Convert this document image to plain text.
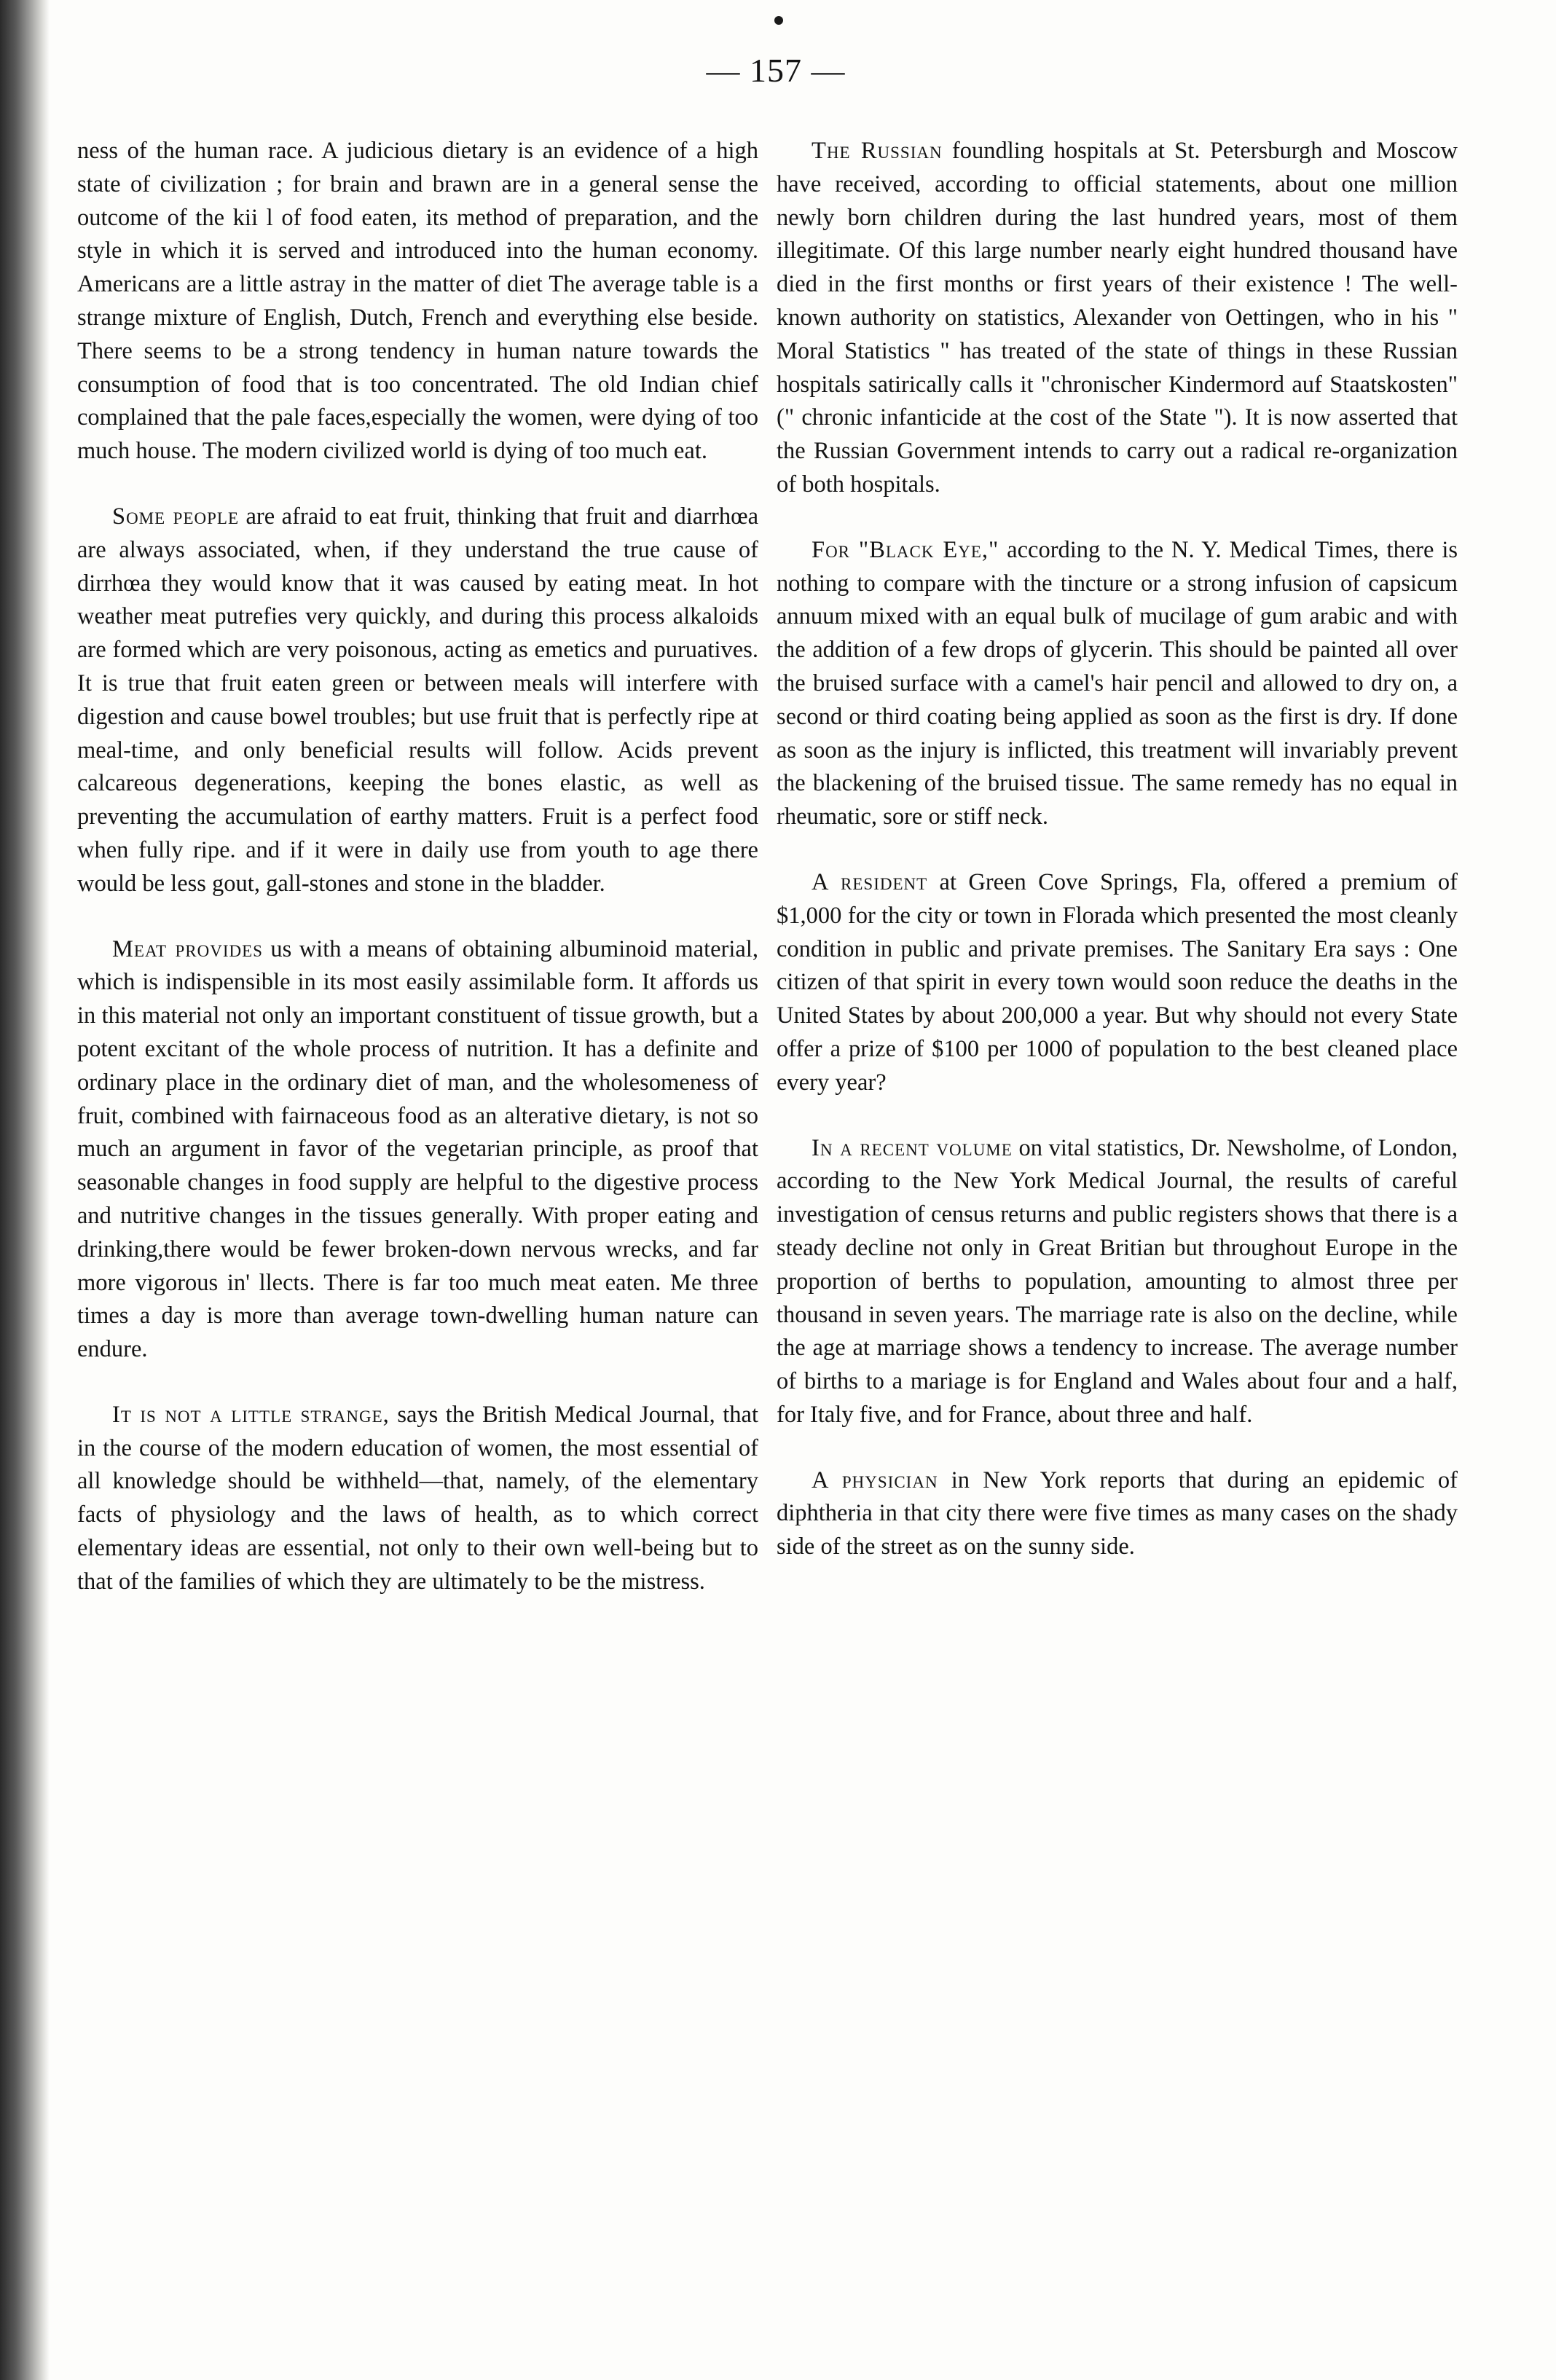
— 157 —

ness of the human race. A judicious dietary is an evidence of a high state of civilization ; for brain and brawn are in a general sense the outcome of the kii l of food eaten, its method of preparation, and the style in which it is served and introduced into the human economy. Americans are a little astray in the matter of diet The average table is a strange mixture of English, Dutch, French and everything else beside. There seems to be a strong tendency in human nature towards the consumption of food that is too concentrated. The old Indian chief complained that the pale faces,especially the women, were dying of too much house. The modern civilized world is dying of too much eat.

Some people are afraid to eat fruit, thinking that fruit and diarrhœa are always associated, when, if they understand the true cause of dirrhœa they would know that it was caused by eating meat. In hot weather meat putrefies very quickly, and during this process alkaloids are formed which are very poisonous, acting as emetics and puruatives. It is true that fruit eaten green or between meals will interfere with digestion and cause bowel troubles; but use fruit that is perfectly ripe at meal-time, and only beneficial results will follow. Acids prevent calcareous degenerations, keeping the bones elastic, as well as preventing the accumulation of earthy matters. Fruit is a perfect food when fully ripe. and if it were in daily use from youth to age there would be less gout, gall-stones and stone in the bladder.

Meat provides us with a means of obtaining albuminoid material, which is indispensible in its most easily assimilable form. It affords us in this material not only an important constituent of tissue growth, but a potent excitant of the whole process of nutrition. It has a definite and ordinary place in the ordinary diet of man, and the wholesomeness of fruit, combined with fairnaceous food as an alterative dietary, is not so much an argument in favor of the vegetarian principle, as proof that seasonable changes in food supply are helpful to the digestive process and nutritive changes in the tissues generally. With proper eating and drinking,there would be fewer broken-down nervous wrecks, and far more vigorous in' llects. There is far too much meat eaten. Me three times a day is more than average town-dwelling human nature can endure.

It is not a little strange, says the British Medical Journal, that in the course of the modern education of women, the most essential of all knowledge should be withheld—that, namely, of the elementary facts of physiology and the laws of health, as to which correct elementary ideas are essential, not only to their own well-being but to that of the families of which they are ultimately to be the mistress.

The Russian foundling hospitals at St. Petersburgh and Moscow have received, according to official statements, about one million newly born children during the last hundred years, most of them illegitimate. Of this large number nearly eight hundred thousand have died in the first months or first years of their existence ! The well-known authority on statistics, Alexander von Oettingen, who in his " Moral Statistics " has treated of the state of things in these Russian hospitals satirically calls it "chronischer Kindermord auf Staatskosten" (" chronic infanticide at the cost of the State "). It is now asserted that the Russian Government intends to carry out a radical re-organization of both hospitals.

For "Black Eye," according to the N. Y. Medical Times, there is nothing to compare with the tincture or a strong infusion of capsicum annuum mixed with an equal bulk of mucilage of gum arabic and with the addition of a few drops of glycerin. This should be painted all over the bruised surface with a camel's hair pencil and allowed to dry on, a second or third coating being applied as soon as the first is dry. If done as soon as the injury is inflicted, this treatment will invariably prevent the blackening of the bruised tissue. The same remedy has no equal in rheumatic, sore or stiff neck.

A resident at Green Cove Springs, Fla, offered a premium of $1,000 for the city or town in Florada which presented the most cleanly condition in public and private premises. The Sanitary Era says : One citizen of that spirit in every town would soon reduce the deaths in the United States by about 200,000 a year. But why should not every State offer a prize of $100 per 1000 of population to the best cleaned place every year?

In a recent volume on vital statistics, Dr. Newsholme, of London, according to the New York Medical Journal, the results of careful investigation of census returns and public registers shows that there is a steady decline not only in Great Britian but throughout Europe in the proportion of berths to population, amounting to almost three per thousand in seven years. The marriage rate is also on the decline, while the age at marriage shows a tendency to increase. The average number of births to a mariage is for England and Wales about four and a half, for Italy five, and for France, about three and half.

A physician in New York reports that during an epidemic of diphtheria in that city there were five times as many cases on the shady side of the street as on the sunny side.
